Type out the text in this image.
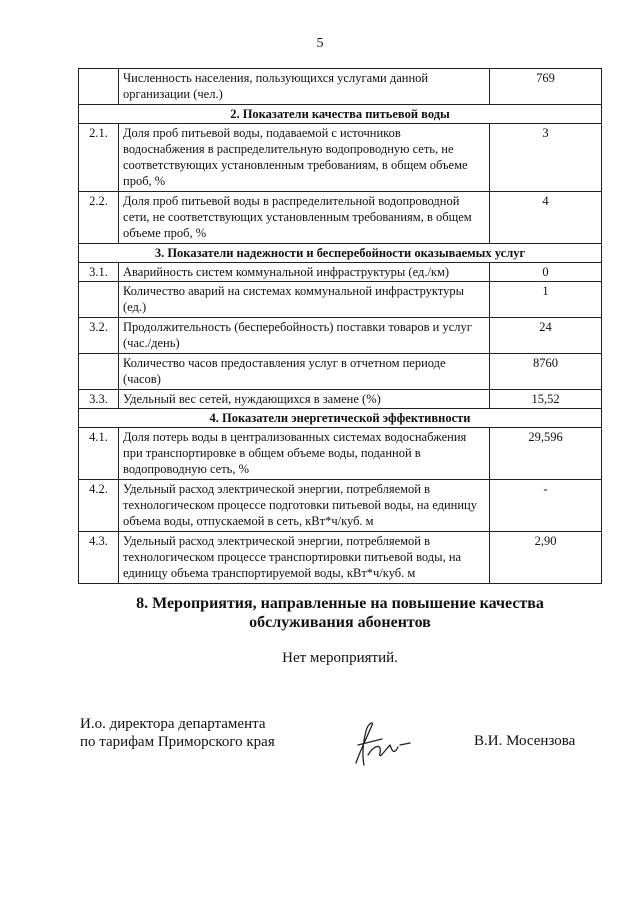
5
	Численность населения, пользующихся услугами данной организации (чел.)	769
2. Показатели качества питьевой воды		
2.1.	Доля проб питьевой воды, подаваемой с источников водоснабжения в распределительную водопроводную сеть, не соответствующих установленным требованиям, в общем объеме проб, %	3
2.2.	Доля проб питьевой воды в распределительной водопроводной сети, не соответствующих установленным требованиям, в общем объеме проб, %	4
3. Показатели надежности и бесперебойности оказываемых услуг		
3.1.	Аварийность систем коммунальной инфраструктуры (ед./км)	0
	Количество аварий на системах коммунальной инфраструктуры (ед.)	1
3.2.	Продолжительность (бесперебойность) поставки товаров и услуг (час./день)	24
	Количество часов предоставления услуг в отчетном периоде (часов)	8760
3.3.	Удельный вес сетей, нуждающихся в замене (%)	15,52
4. Показатели энергетической эффективности		
4.1.	Доля потерь воды в централизованных системах водоснабжения при транспортировке в общем объеме воды, поданной в водопроводную сеть, %	29,596
4.2.	Удельный расход электрической энергии, потребляемой в технологическом процессе подготовки питьевой воды, на единицу объема воды, отпускаемой в сеть, кВт*ч/куб. м	-
4.3.	Удельный расход электрической энергии, потребляемой в технологическом процессе транспортировки питьевой воды, на единицу объема транспортируемой воды, кВт*ч/куб. м	2,90
8. Мероприятия, направленные на повышение качества
обслуживания абонентов
Нет мероприятий.
И.о. директора департамента
по тарифам Приморского края	В.И. Мосензова
